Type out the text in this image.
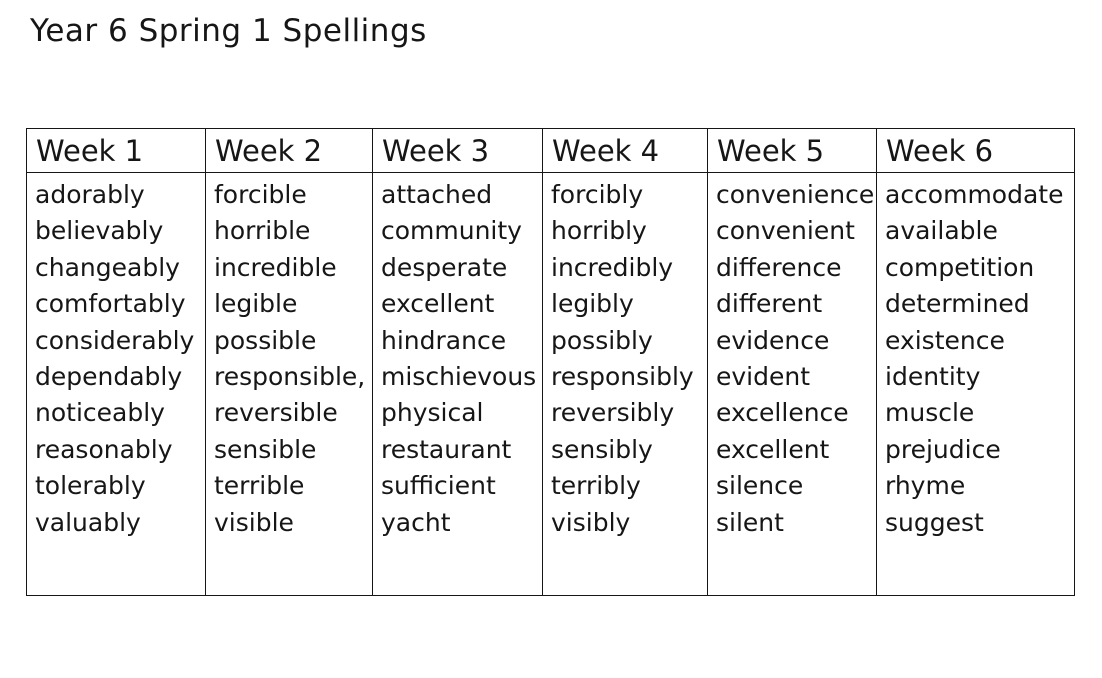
Year 6 Spring 1 Spellings
Week 1	Week 2	Week 3	Week 4	Week 5	Week 6

adorably
believably
changeably
comfortably
considerably
dependably
noticeably
reasonably
tolerably
valuably

forcible
horrible
incredible
legible
possible
responsible,
reversible
sensible
terrible
visible

attached
community
desperate
excellent
hindrance
mischievous
physical
restaurant
sufficient
yacht

forcibly
horribly
incredibly
legibly
possibly
responsibly
reversibly
sensibly
terribly
visibly

convenience
convenient
difference
different
evidence
evident
excellence
excellent
silence
silent

accommodate
available
competition
determined
existence
identity
muscle
prejudice
rhyme
suggest
